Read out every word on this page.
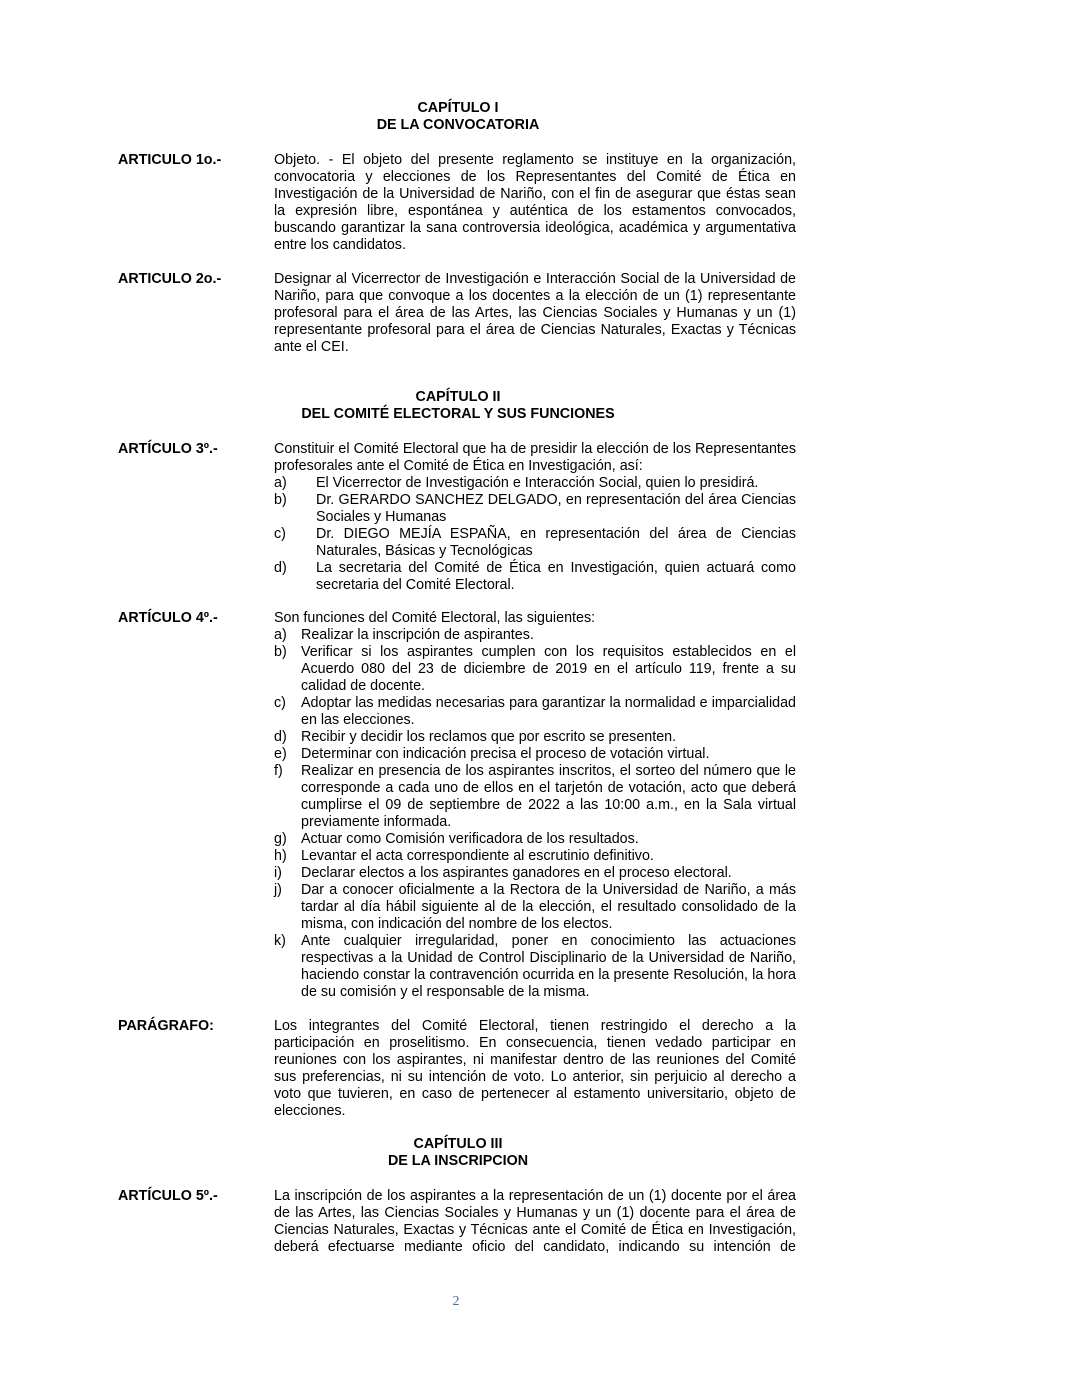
CAPÍTULO I
DE LA CONVOCATORIA
ARTICULO 1o.-	Objeto. - El objeto del presente reglamento se instituye en la organización, convocatoria y elecciones de los Representantes del Comité de Ética en Investigación de la Universidad de Nariño, con el fin de asegurar que éstas sean la expresión libre, espontánea y auténtica de los estamentos convocados, buscando garantizar la sana controversia ideológica, académica y argumentativa entre los candidatos.
ARTICULO 2o.-	Designar al Vicerrector de Investigación e Interacción Social de la Universidad de Nariño, para que convoque a los docentes a la elección de un (1) representante profesoral para el área de las Artes, las Ciencias Sociales y Humanas y un (1) representante profesoral para el área de Ciencias Naturales, Exactas y Técnicas ante el CEI.
CAPÍTULO II
DEL COMITÉ ELECTORAL Y SUS FUNCIONES
ARTÍCULO 3º.-	Constituir el Comité Electoral que ha de presidir la elección de los Representantes profesorales ante el Comité de Ética en Investigación, así:
a)	El Vicerrector de Investigación e Interacción Social, quien lo presidirá.
b)	Dr. GERARDO SANCHEZ DELGADO, en representación del área Ciencias Sociales y Humanas
c)	Dr. DIEGO MEJÍA ESPAÑA, en representación del área de Ciencias Naturales, Básicas y Tecnológicas
d)	La secretaria del Comité de Ética en Investigación, quien actuará como secretaria del Comité Electoral.
ARTÍCULO 4º.-	Son funciones del Comité Electoral, las siguientes:
a) Realizar la inscripción de aspirantes.
b) Verificar si los aspirantes cumplen con los requisitos establecidos en el Acuerdo 080 del 23 de diciembre de 2019 en el artículo 119, frente a su calidad de docente.
c)	Adoptar las medidas necesarias para garantizar la normalidad e imparcialidad en las elecciones.
d) Recibir y decidir los reclamos que por escrito se presenten.
e) Determinar con indicación precisa el proceso de votación virtual.
f)	Realizar en presencia de los aspirantes inscritos, el sorteo del número que le corresponde a cada uno de ellos en el tarjetón de votación, acto que deberá cumplirse el 09 de septiembre de 2022 a las 10:00 a.m., en la Sala virtual previamente informada.
g) Actuar como Comisión verificadora de los resultados.
h) Levantar el acta correspondiente al escrutinio definitivo.
i)	Declarar electos a los aspirantes ganadores en el proceso electoral.
j)	Dar a conocer oficialmente a la Rectora de la Universidad de Nariño, a más tardar al día hábil siguiente al de la elección, el resultado consolidado de la misma, con indicación del nombre de los electos.
k)	Ante cualquier irregularidad, poner en conocimiento las actuaciones respectivas a la Unidad de Control Disciplinario de la Universidad de Nariño, haciendo constar la contravención ocurrida en la presente Resolución, la hora de su comisión y el responsable de la misma.
PARÁGRAFO:	Los integrantes del Comité Electoral, tienen restringido el derecho a la participación en proselitismo. En consecuencia, tienen vedado participar en reuniones con los aspirantes, ni manifestar dentro de las reuniones del Comité sus preferencias, ni su intención de voto. Lo anterior, sin perjuicio al derecho a voto que tuvieren, en caso de pertenecer al estamento universitario, objeto de elecciones.
CAPÍTULO III
DE LA INSCRIPCION
ARTÍCULO 5º.-	La inscripción de los aspirantes a la representación de un (1) docente por el área de las Artes, las Ciencias Sociales y Humanas y un (1) docente para el área de Ciencias Naturales, Exactas y Técnicas ante el Comité de Ética en Investigación, deberá efectuarse mediante oficio del candidato, indicando su intención de
2
